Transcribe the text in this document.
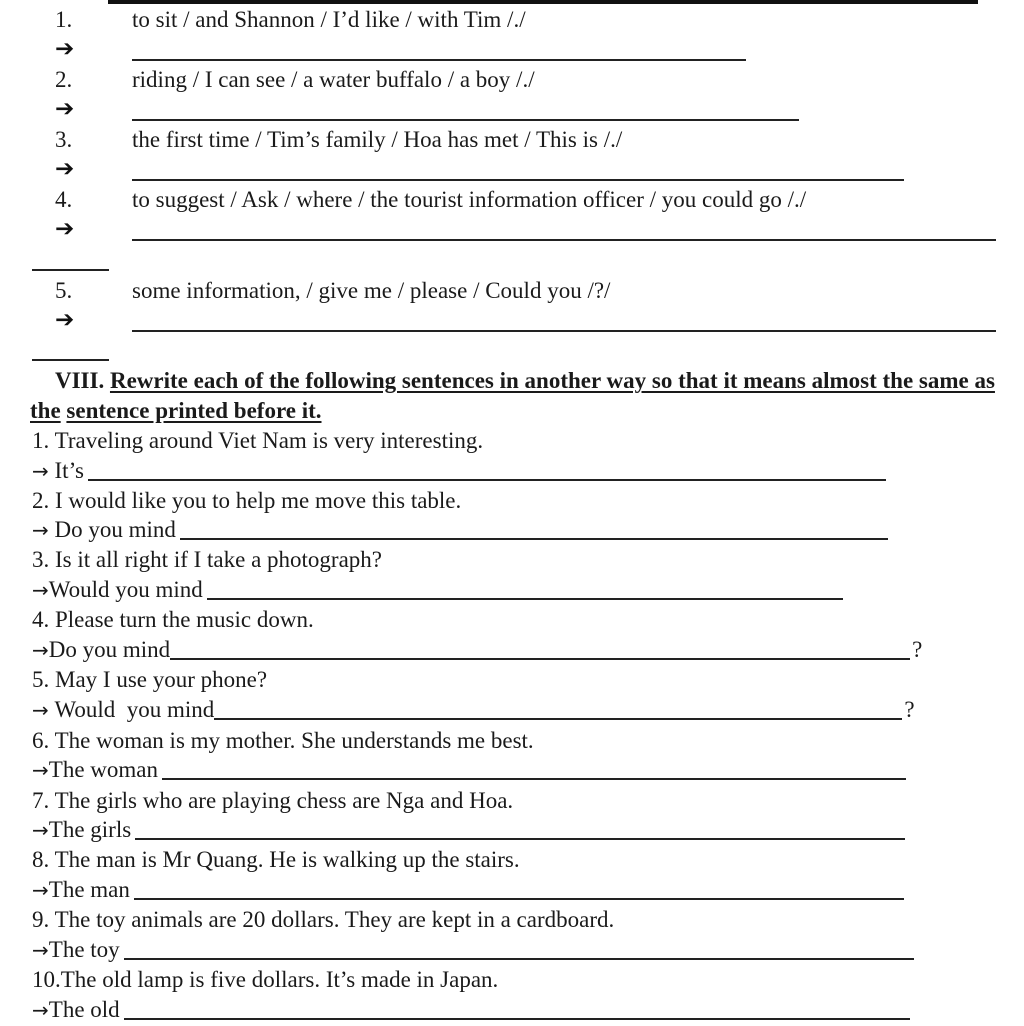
1.	to sit / and Shannon / I’d like / with Tim /./
➔
2.	riding / I can see / a water buffalo / a boy /./
➔
3.	the first time / Tim’s family / Hoa has met / This is /./
➔
4.	to suggest / Ask / where / the tourist information officer / you could go /./
➔
5.	some information, / give me / please / Could you /?/
➔
VIII. Rewrite each of the following sentences in another way so that it means almost the same as the sentence printed before it.
1. Traveling around Viet Nam is very interesting.
→
It’s
2. I would like you to help me move this table.
→
Do you mind
3. Is it all right if I take a photograph?
→ Would you mind
4. Please turn the music down.
→ Do you mind	?
5. May I use your phone?
→
Would  you mind	?
6. The woman is my mother. She understands me best.
→ The woman
7. The girls who are playing chess are Nga and Hoa.
→ The girls
8. The man is Mr Quang. He is walking up the stairs.
→ The man
9. The toy animals are 20 dollars. They are kept in a cardboard.
→ The toy
10.The old lamp is five dollars. It’s made in Japan.
→ The old
